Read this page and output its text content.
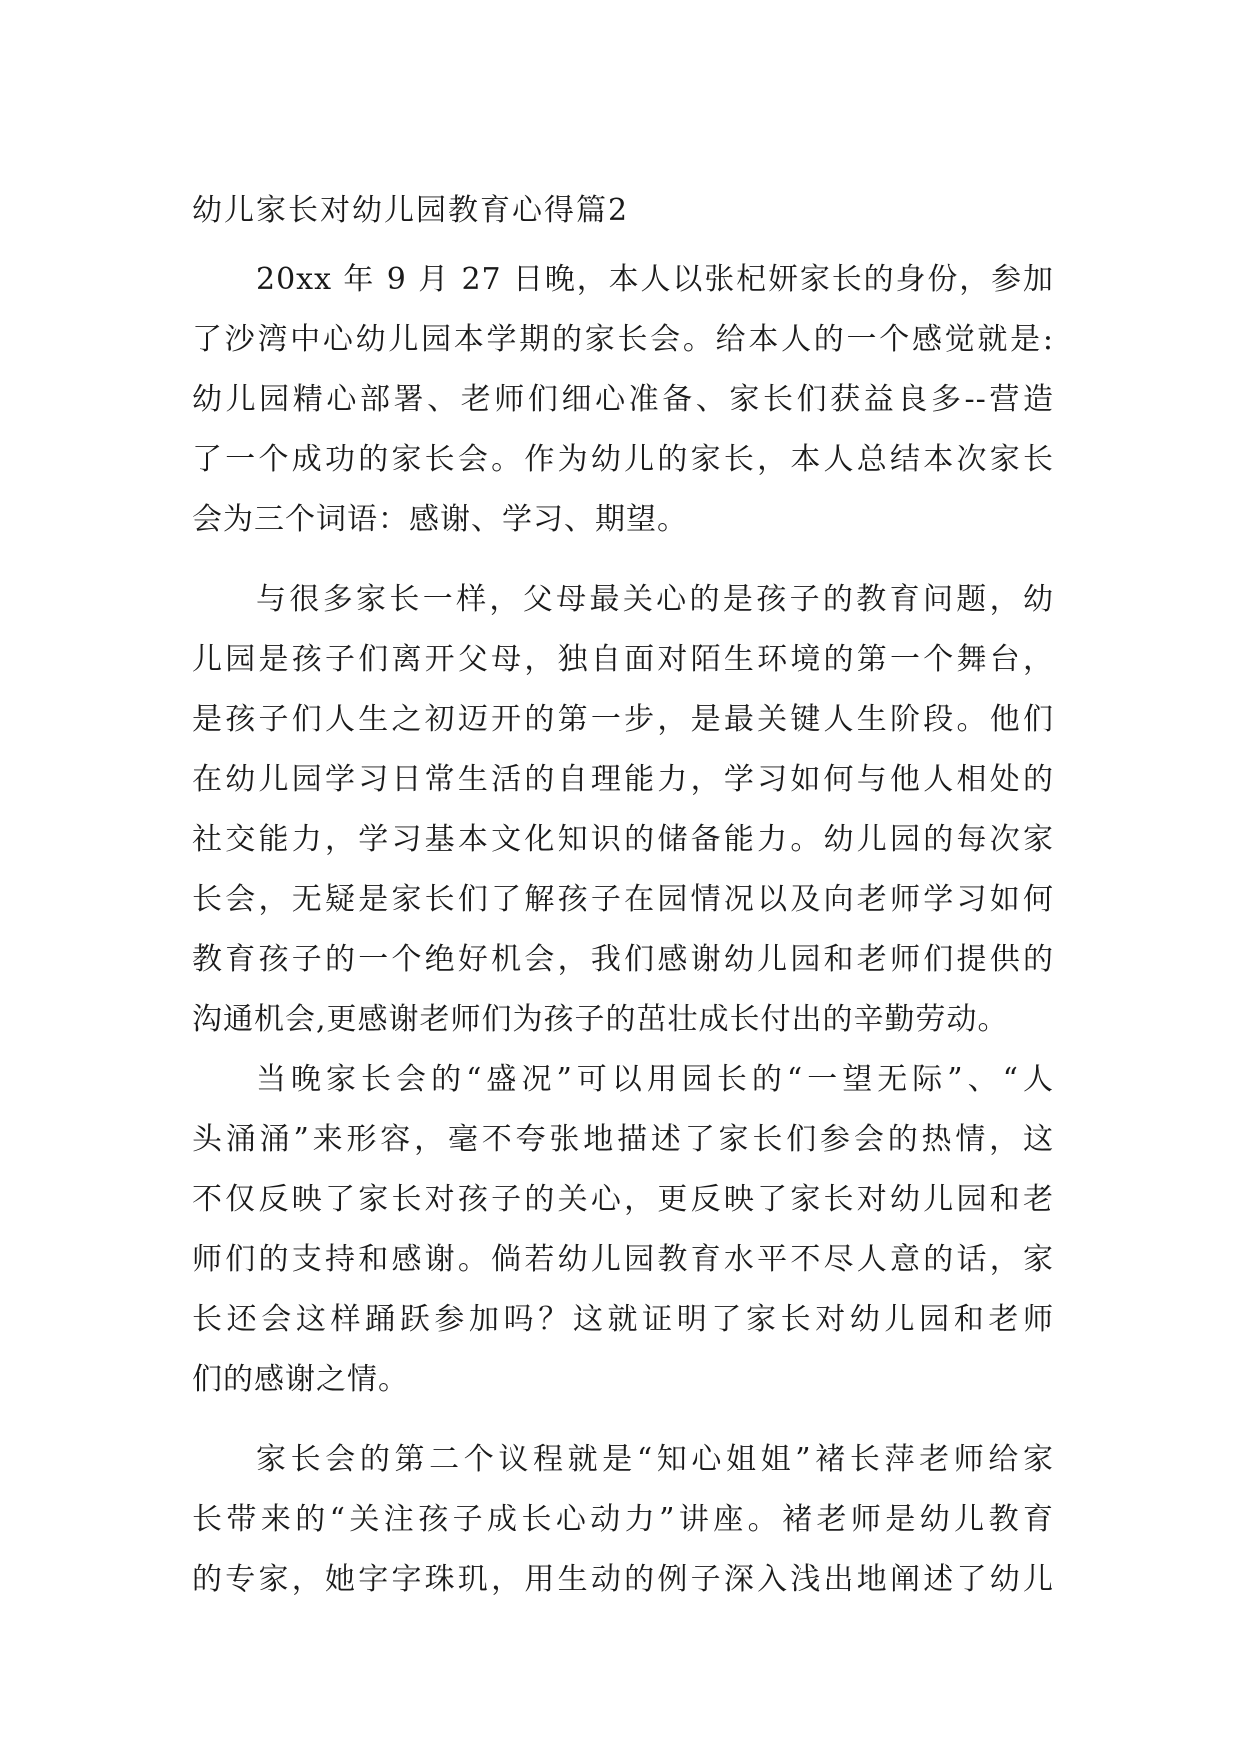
幼儿家长对幼儿园教育心得篇2
20xx 年 9 月 27 日晚，本人以张杞妍家长的身份，参加
了沙湾中心幼儿园本学期的家长会。给本人的一个感觉就是:
幼儿园精心部署、老师们细心准备、家长们获益良多--营造
了一个成功的家长会。作为幼儿的家长，本人总结本次家长
会为三个词语：感谢、学习、期望。
与很多家长一样，父母最关心的是孩子的教育问题，幼
儿园是孩子们离开父母，独自面对陌生环境的第一个舞台，
是孩子们人生之初迈开的第一步，是最关键人生阶段。他们
在幼儿园学习日常生活的自理能力，学习如何与他人相处的
社交能力，学习基本文化知识的储备能力。幼儿园的每次家
长会，无疑是家长们了解孩子在园情况以及向老师学习如何
教育孩子的一个绝好机会，我们感谢幼儿园和老师们提供的
沟通机会,更感谢老师们为孩子的茁壮成长付出的辛勤劳动。
当晚家长会的“盛况”可以用园长的“一望无际”、“人
头涌涌”来形容，毫不夸张地描述了家长们参会的热情，这
不仅反映了家长对孩子的关心，更反映了家长对幼儿园和老
师们的支持和感谢。倘若幼儿园教育水平不尽人意的话，家
长还会这样踊跃参加吗？这就证明了家长对幼儿园和老师
们的感谢之情。
家长会的第二个议程就是“知心姐姐”褚长萍老师给家
长带来的“关注孩子成长心动力”讲座。褚老师是幼儿教育
的专家，她字字珠玑，用生动的例子深入浅出地阐述了幼儿
